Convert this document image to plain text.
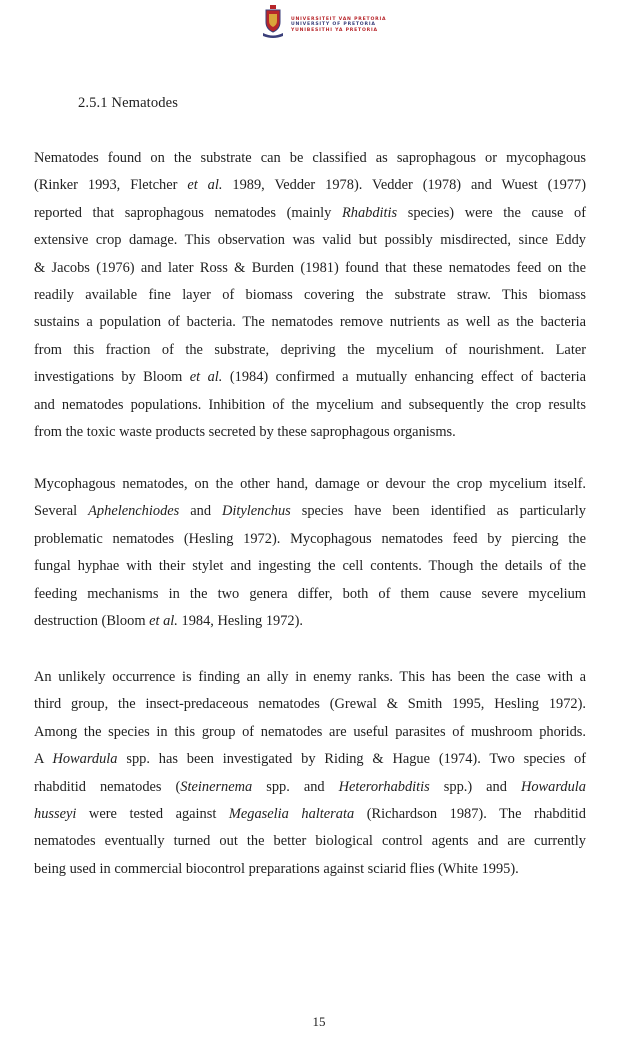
UNIVERSITEIT VAN PRETORIA
UNIVERSITY OF PRETORIA
YUNIBESITHI YA PRETORIA
2.5.1 Nematodes
Nematodes found on the substrate can be classified as saprophagous or mycophagous
(Rinker 1993, Fletcher et al. 1989, Vedder 1978). Vedder (1978) and Wuest (1977)
reported that saprophagous nematodes (mainly Rhabditis species) were the cause of
extensive crop damage. This observation was valid but possibly misdirected, since Eddy
& Jacobs (1976) and later Ross & Burden (1981) found that these nematodes feed on the
readily available fine layer of biomass covering the substrate straw. This biomass
sustains a population of bacteria. The nematodes remove nutrients as well as the bacteria
from this fraction of the substrate, depriving the mycelium of nourishment. Later
investigations by Bloom et al. (1984) confirmed a mutually enhancing effect of bacteria
and nematodes populations. Inhibition of the mycelium and subsequently the crop results
from the toxic waste products secreted by these saprophagous organisms.
Mycophagous nematodes, on the other hand, damage or devour the crop mycelium itself.
Several Aphelenchiodes and Ditylenchus species have been identified as particularly
problematic nematodes (Hesling 1972). Mycophagous nematodes feed by piercing the
fungal hyphae with their stylet and ingesting the cell contents. Though the details of the
feeding mechanisms in the two genera differ, both of them cause severe mycelium
destruction (Bloom et al. 1984, Hesling 1972).
An unlikely occurrence is finding an ally in enemy ranks. This has been the case with a
third group, the insect-predaceous nematodes (Grewal & Smith 1995, Hesling 1972).
Among the species in this group of nematodes are useful parasites of mushroom phorids.
A Howardula spp. has been investigated by Riding & Hague (1974). Two species of
rhabditid nematodes (Steinernema spp. and Heterorhabditis spp.) and Howardula
husseyi were tested against Megaselia halterata (Richardson 1987). The rhabditid
nematodes eventually turned out the better biological control agents and are currently
being used in commercial biocontrol preparations against sciarid flies (White 1995).
15
